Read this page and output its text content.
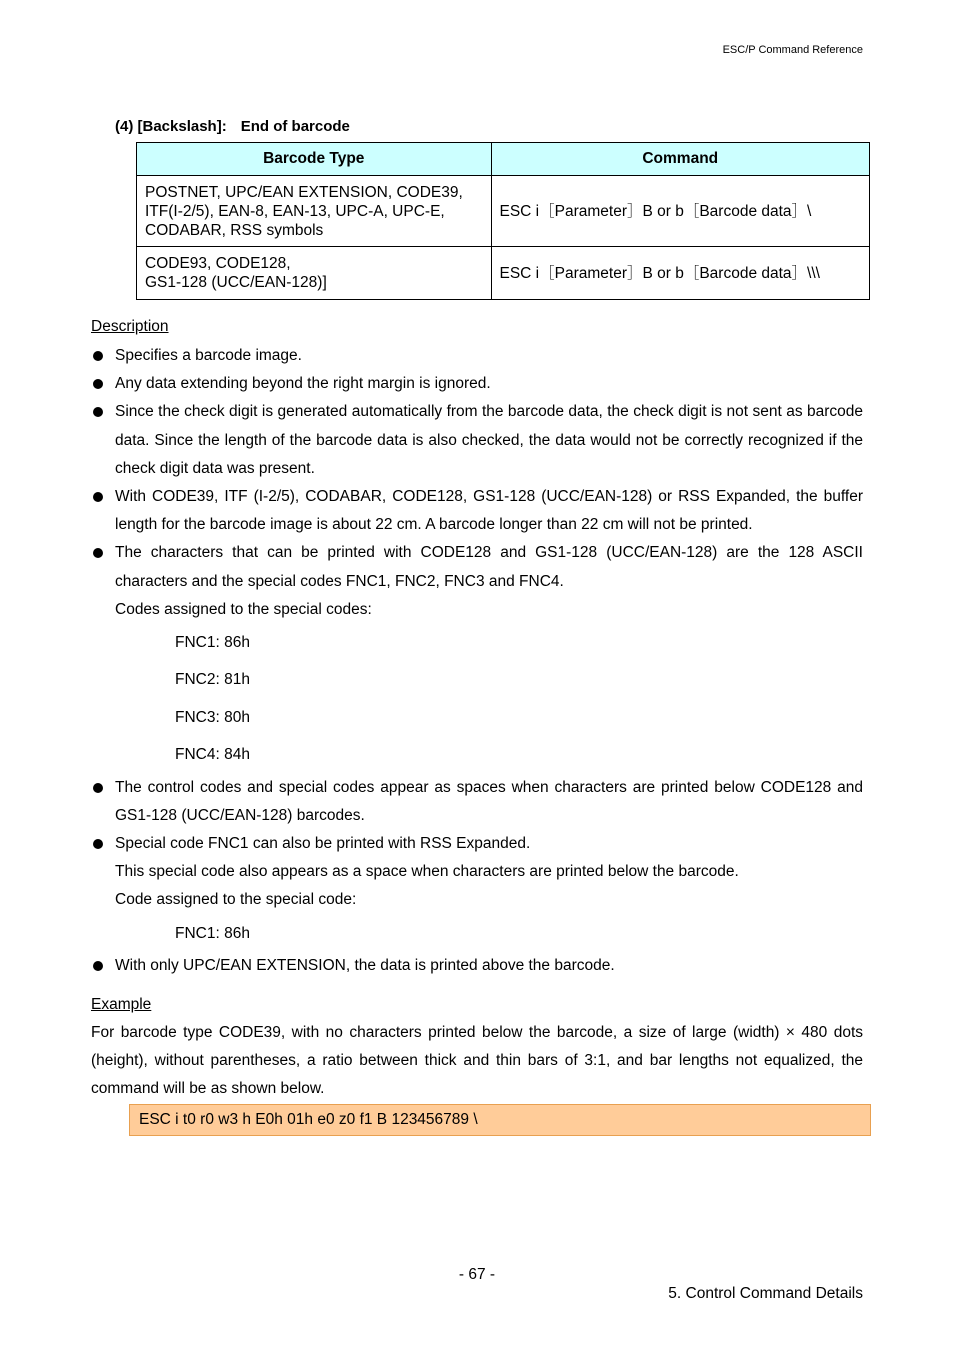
ESC/P Command Reference
(4) [Backslash]: End of barcode
Barcode Type	Command

POSTNET, UPC/EAN EXTENSION, CODE39,
ITF(I-2/5), EAN-8, EAN-13, UPC-A, UPC-E,
CODABAR, RSS symbols	ESC i［Parameter］B or b［Barcode data］\

CODE93, CODE128,
GS1-128 (UCC/EAN-128)]	ESC i［Parameter］B or b［Barcode data］\\\
Description
Specifies a barcode image.
Any data extending beyond the right margin is ignored.
Since the check digit is generated automatically from the barcode data, the check digit is not sent as barcode data. Since the length of the barcode data is also checked, the data would not be correctly recognized if the check digit data was present.
With CODE39, ITF (I-2/5), CODABAR, CODE128, GS1-128 (UCC/EAN-128) or RSS Expanded, the buffer length for the barcode image is about 22 cm. A barcode longer than 22 cm will not be printed.
The characters that can be printed with CODE128 and GS1-128 (UCC/EAN-128) are the 128 ASCII characters and the special codes FNC1, FNC2, FNC3 and FNC4.
Codes assigned to the special codes:
FNC1: 86h
FNC2: 81h
FNC3: 80h
FNC4: 84h
The control codes and special codes appear as spaces when characters are printed below CODE128 and GS1-128 (UCC/EAN-128) barcodes.
Special code FNC1 can also be printed with RSS Expanded.
This special code also appears as a space when characters are printed below the barcode.
Code assigned to the special code:
FNC1: 86h
With only UPC/EAN EXTENSION, the data is printed above the barcode.
Example
For barcode type CODE39, with no characters printed below the barcode, a size of large (width) × 480 dots (height), without parentheses, a ratio between thick and thin bars of 3:1, and bar lengths not equalized, the command will be as shown below.
ESC i t0 r0 w3 h E0h 01h e0 z0 f1 B 123456789 \
- 67 -
5. Control Command Details
